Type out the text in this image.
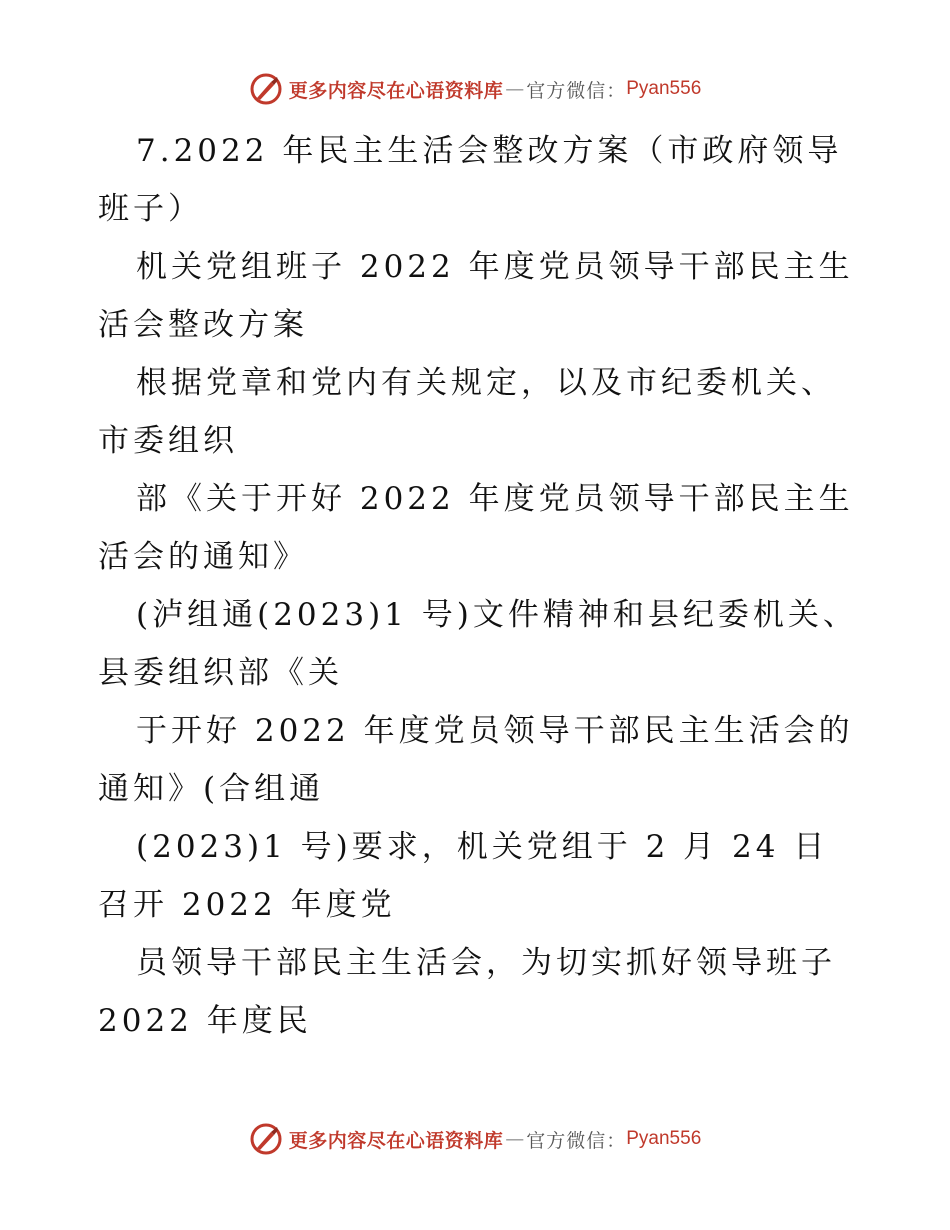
更多内容尽在心语资料库 — 官方微信： Pyan556

7.2022 年民主生活会整改方案（市政府领导班子）

机关党组班子 2022 年度党员领导干部民主生活会整改方案

根据党章和党内有关规定，以及市纪委机关、市委组织

部《关于开好 2022 年度党员领导干部民主生活会的通知》

(泸组通(2023)1 号)文件精神和县纪委机关、县委组织部《关

于开好 2022 年度党员领导干部民主生活会的通知》(合组通

(2023)1 号)要求，机关党组于 2 月 24 日召开 2022 年度党

员领导干部民主生活会，为切实抓好领导班子 2022 年度民

更多内容尽在心语资料库 — 官方微信： Pyan556
